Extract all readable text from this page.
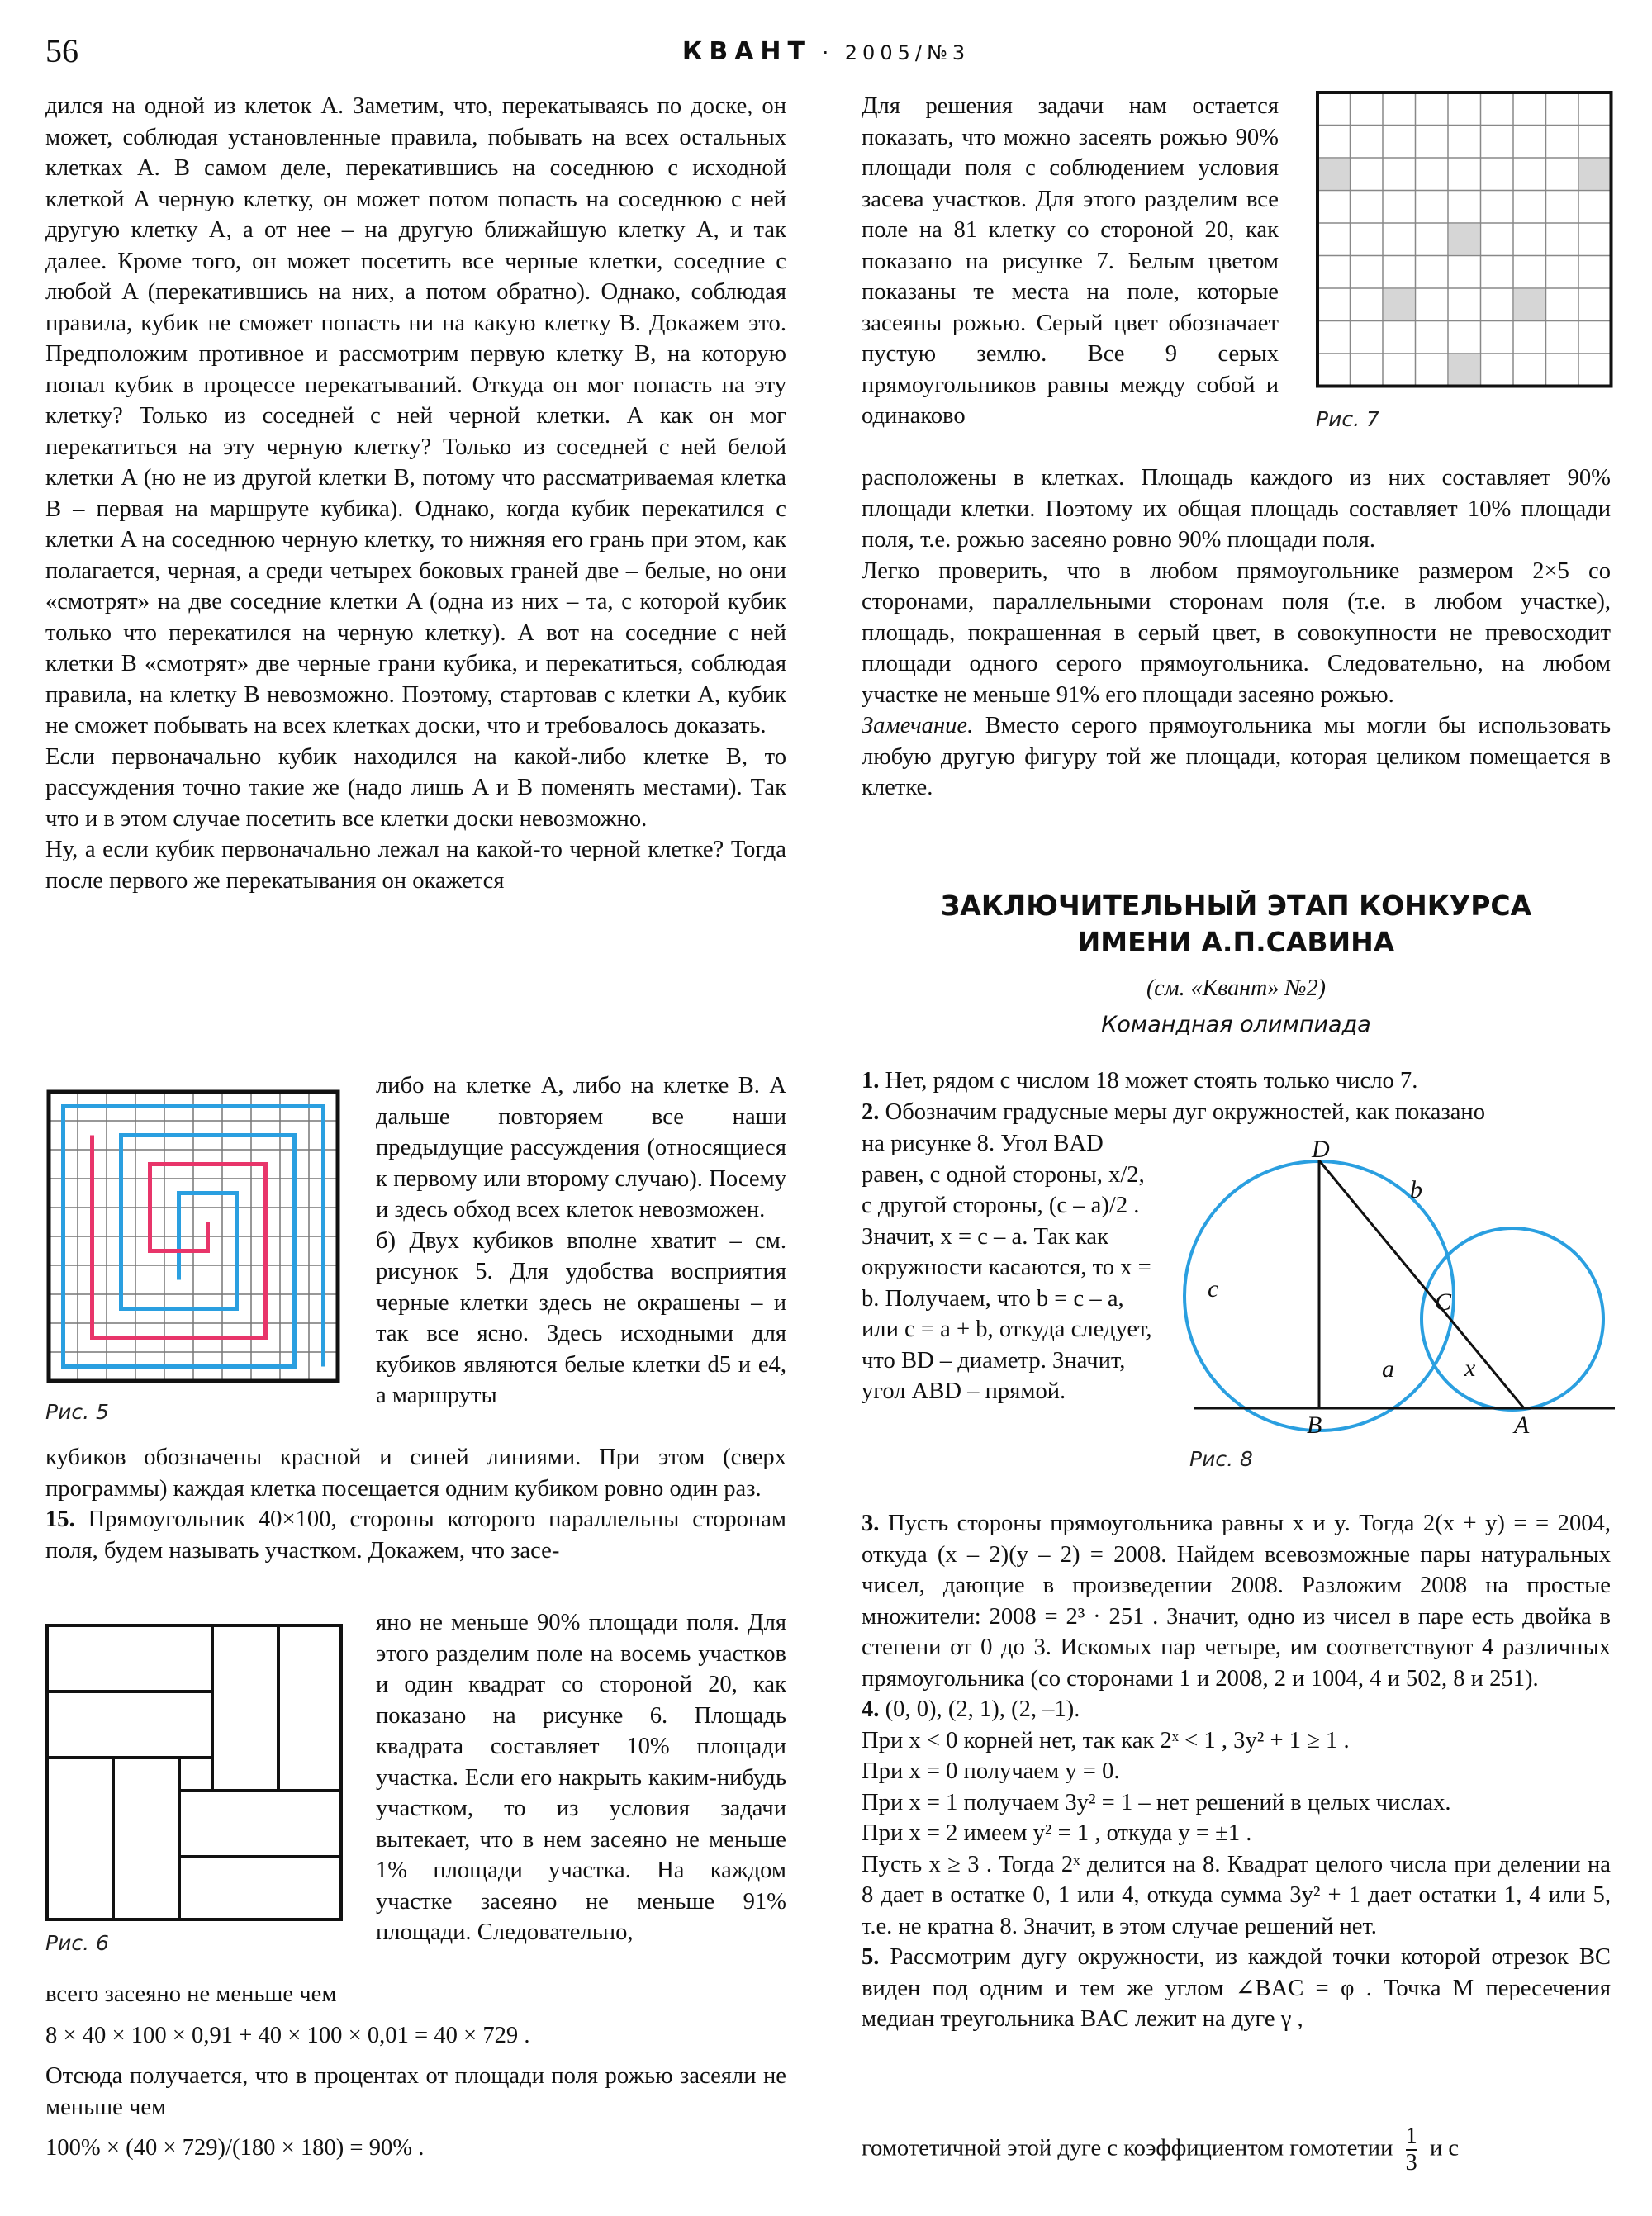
56	КВАНТ · 2005/№3

дился на одной из клеток A. Заметим, что, перекатываясь по доске, он может, соблюдая установленные правила, побывать на всех остальных клетках A. В самом деле, перекатившись на соседнюю с исходной клеткой A черную клетку, он может потом попасть на соседнюю с ней другую клетку A, а от нее – на другую ближайшую клетку A, и так далее. Кроме того, он может посетить все черные клетки, соседние с любой A (перекатившись на них, а потом обратно). Однако, соблюдая правила, кубик не сможет попасть ни на какую клетку B. Докажем это. Предположим противное и рассмотрим первую клетку B, на которую попал кубик в процессе перекатываний. Откуда он мог попасть на эту клетку? Только из соседней с ней черной клетки. А как он мог перекатиться на эту черную клетку? Только из соседней с ней белой клетки A (но не из другой клетки B, потому что рассматриваемая клетка B – первая на маршруте кубика). Однако, когда кубик перекатился с клетки A на соседнюю черную клетку, то нижняя его грань при этом, как полагается, черная, а среди четырех боковых граней две – белые, но они «смотрят» на две соседние клетки A (одна из них – та, с которой кубик только что перекатился на черную клетку). А вот на соседние с ней клетки B «смотрят» две черные грани кубика, и перекатиться, соблюдая правила, на клетку B невозможно. Поэтому, стартовав с клетки A, кубик не сможет побывать на всех клетках доски, что и требовалось доказать.

Если первоначально кубик находился на какой-либо клетке B, то рассуждения точно такие же (надо лишь A и B поменять местами). Так что и в этом случае посетить все клетки доски невозможно.

Ну, а если кубик первоначально лежал на какой-то черной клетке? Тогда после первого же перекатывания он окажется

Рис. 5

либо на клетке A, либо на клетке B. А дальше повторяем все наши предыдущие рассуждения (относящиеся к первому или второму случаю). Посему и здесь обход всех клеток невозможен.

б) Двух кубиков вполне хватит – см. рисунок 5. Для удобства восприятия черные клетки здесь не окрашены – и так все ясно. Здесь исходными для кубиков являются белые клетки d5 и e4, а маршруты

кубиков обозначены красной и синей линиями. При этом (сверх программы) каждая клетка посещается одним кубиком ровно один раз.

15. Прямоугольник 40×100, стороны которого параллельны сторонам поля, будем называть участком. Докажем, что засе-

Рис. 6

яно не меньше 90% площади поля. Для этого разделим поле на восемь участков и один квадрат со стороной 20, как показано на рисунке 6. Площадь квадрата составляет 10% площади участка. Если его накрыть каким-нибудь участком, то из условия задачи вытекает, что в нем засеяно не меньше 1% площади участка. На каждом участке засеяно не меньше 91% площади. Следовательно,

всего засеяно не меньше чем

8 × 40 × 100 × 0,91 + 40 × 100 × 0,01 = 40 × 729 .

Отсюда получается, что в процентах от площади поля рожью засеяли не меньше чем

100% × (40 × 729)/(180 × 180) = 90% .

Для решения задачи нам остается показать, что можно засеять рожью 90% площади поля с соблюдением условия засева участков. Для этого разделим все поле на 81 клетку со стороной 20, как показано на рисунке 7. Белым цветом показаны те места на поле, которые засеяны рожью. Серый цвет обозначает пустую землю. Все 9 серых прямоугольников равны между собой и одинаково	Рис. 7

расположены в клетках. Площадь каждого из них составляет 90% площади клетки. Поэтому их общая площадь составляет 10% площади поля, т.е. рожью засеяно ровно 90% площади поля.

Легко проверить, что в любом прямоугольнике размером 2×5 со сторонами, параллельными сторонам поля (т.е. в любом участке), площадь, покрашенная в серый цвет, в совокупности не превосходит площади одного серого прямоугольника. Следовательно, на любом участке не меньше 91% его площади засеяно рожью.

Замечание. Вместо серого прямоугольника мы могли бы использовать любую другую фигуру той же площади, которая целиком помещается в клетке.

ЗАКЛЮЧИТЕЛЬНЫЙ ЭТАП КОНКУРСА
ИМЕНИ А.П.САВИНА
(см. «Квант» №2)
Командная олимпиада

1. Нет, рядом с числом 18 может стоять только число 7.

2. Обозначим градусные меры дуг окружностей, как показано

на рисунке 8. Угол BAD равен, с одной стороны, x/2, с другой стороны, (c – a)/2 . Значит, x = c – a. Так как окружности касаются, то x = b. Получаем, что b = c – a, или c = a + b, откуда следует, что BD – диаметр. Значит, угол ABD – прямой.

D
b
c	C
a	x
B	A
Рис. 8

3. Пусть стороны прямоугольника равны x и y. Тогда 2(x + y) = = 2004, откуда (x – 2)(y – 2) = 2008. Найдем всевозможные пары натуральных чисел, дающие в произведении 2008. Разложим 2008 на простые множители: 2008 = 2³ · 251 . Значит, одно из чисел в паре есть двойка в степени от 0 до 3. Искомых пар четыре, им соответствуют 4 различных прямоугольника (со сторонами 1 и 2008, 2 и 1004, 4 и 502, 8 и 251).

4. (0, 0), (2, 1), (2, –1).

При x < 0 корней нет, так как 2ˣ < 1 , 3y² + 1 ≥ 1 .

При x = 0 получаем y = 0.

При x = 1 получаем 3y² = 1 – нет решений в целых числах.

При x = 2 имеем y² = 1 , откуда y = ±1 .

Пусть x ≥ 3 . Тогда 2ˣ делится на 8. Квадрат целого числа при делении на 8 дает в остатке 0, 1 или 4, откуда сумма 3y² + 1 дает остатки 1, 4 или 5, т.е. не кратна 8. Значит, в этом случае решений нет.

5. Рассмотрим дугу окружности, из каждой точки которой отрезок BC виден под одним и тем же углом ∠BAC = φ . Точка M пересечения медиан треугольника BAC лежит на дуге γ ,

гомотетичной этой дуге с коэффициентом гомотетии $\frac{1}{3}$ и с
